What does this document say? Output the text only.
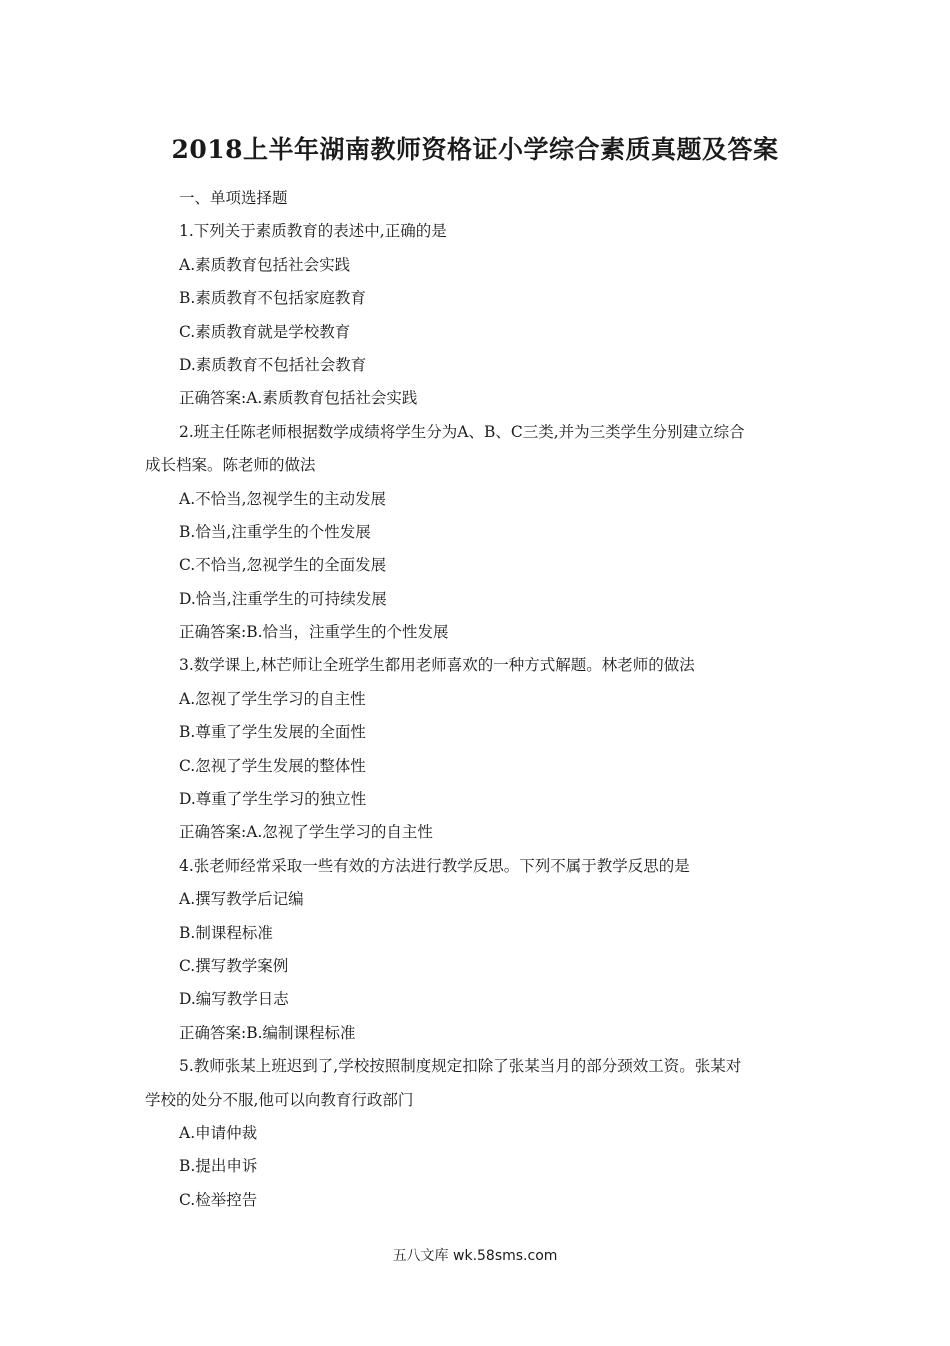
2018上半年湖南教师资格证小学综合素质真题及答案
一、单项选择题
1.下列关于素质教育的表述中,正确的是
A.素质教育包括社会实践
B.素质教育不包括家庭教育
C.素质教育就是学校教育
D.素质教育不包括社会教育
正确答案:A.素质教育包括社会实践
2.班主任陈老师根据数学成绩将学生分为A、B、C三类,并为三类学生分别建立综合
成长档案。陈老师的做法
A.不恰当,忽视学生的主动发展
B.恰当,注重学生的个性发展
C.不恰当,忽视学生的全面发展
D.恰当,注重学生的可持续发展
正确答案:B.恰当，注重学生的个性发展
3.数学课上,林芒师让全班学生都用老师喜欢的一种方式解题。林老师的做法
A.忽视了学生学习的自主性
B.尊重了学生发展的全面性
C.忽视了学生发展的整体性
D.尊重了学生学习的独立性
正确答案:A.忽视了学生学习的自主性
4.张老师经常采取一些有效的方法进行教学反思。下列不属于教学反思的是
A.撰写教学后记编
B.制课程标准
C.撰写教学案例
D.编写教学日志
正确答案:B.编制课程标准
5.教师张某上班迟到了,学校按照制度规定扣除了张某当月的部分颈效工资。张某对
学校的处分不服,他可以向教育行政部门
A.申请仲裁
B.提出申诉
C.检举控告
五八文库 wk.58sms.com
